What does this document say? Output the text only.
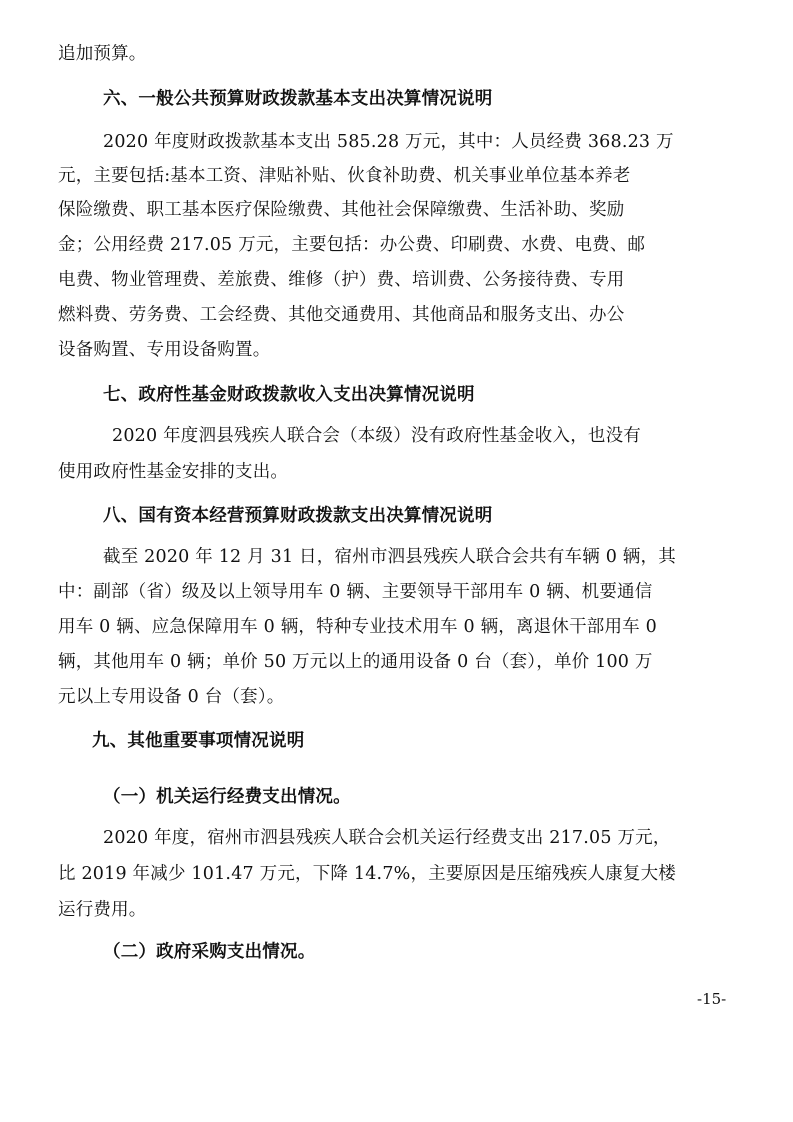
追加预算。
六、一般公共预算财政拨款基本支出决算情况说明
2020 年度财政拨款基本支出 585.28 万元，其中：人员经费 368.23 万
元，主要包括:基本工资、津贴补贴、伙食补助费、机关事业单位基本养老
保险缴费、职工基本医疗保险缴费、其他社会保障缴费、生活补助、奖励
金；公用经费 217.05 万元，主要包括：办公费、印刷费、水费、电费、邮
电费、物业管理费、差旅费、维修（护）费、培训费、公务接待费、专用
燃料费、劳务费、工会经费、其他交通费用、其他商品和服务支出、办公
设备购置、专用设备购置。
七、政府性基金财政拨款收入支出决算情况说明
2020 年度泗县残疾人联合会（本级）没有政府性基金收入，也没有
使用政府性基金安排的支出。
八、国有资本经营预算财政拨款支出决算情况说明
截至 2020 年 12 月 31 日，宿州市泗县残疾人联合会共有车辆 0 辆，其
中：副部（省）级及以上领导用车 0 辆、主要领导干部用车 0 辆、机要通信
用车 0 辆、应急保障用车 0 辆，特种专业技术用车 0 辆，离退休干部用车 0
辆，其他用车 0 辆；单价 50 万元以上的通用设备 0 台（套），单价 100 万
元以上专用设备 0 台（套）。
九、其他重要事项情况说明
（一）机关运行经费支出情况。
2020 年度，宿州市泗县残疾人联合会机关运行经费支出 217.05 万元，
比 2019 年减少 101.47 万元，下降 14.7%，主要原因是压缩残疾人康复大楼
运行费用。
（二）政府采购支出情况。
-15-
